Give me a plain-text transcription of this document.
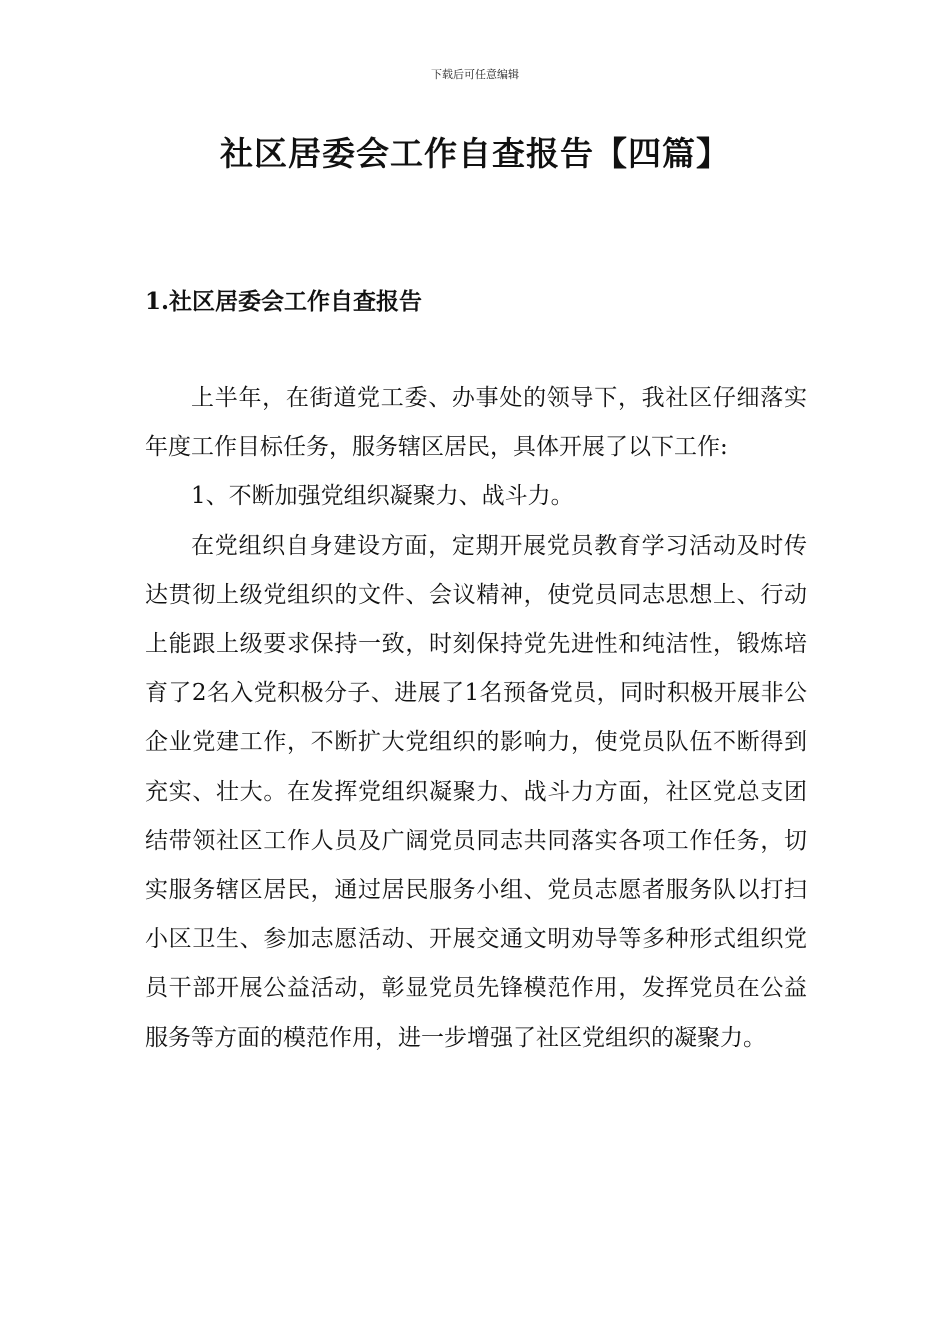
下载后可任意编辑
社区居委会工作自查报告【四篇】
1.社区居委会工作自查报告

上半年，在街道党工委、办事处的领导下，我社区仔细落实年度工作目标任务，服务辖区居民，具体开展了以下工作:

1、不断加强党组织凝聚力、战斗力。

在党组织自身建设方面，定期开展党员教育学习活动及时传达贯彻上级党组织的文件、会议精神，使党员同志思想上、行动上能跟上级要求保持一致，时刻保持党先进性和纯洁性，锻炼培育了2名入党积极分子、进展了1名预备党员，同时积极开展非公企业党建工作，不断扩大党组织的影响力，使党员队伍不断得到充实、壮大。在发挥党组织凝聚力、战斗力方面，社区党总支团结带领社区工作人员及广阔党员同志共同落实各项工作任务，切实服务辖区居民，通过居民服务小组、党员志愿者服务队以打扫小区卫生、参加志愿活动、开展交通文明劝导等多种形式组织党员干部开展公益活动，彰显党员先锋模范作用，发挥党员在公益服务等方面的模范作用，进一步增强了社区党组织的凝聚力。
